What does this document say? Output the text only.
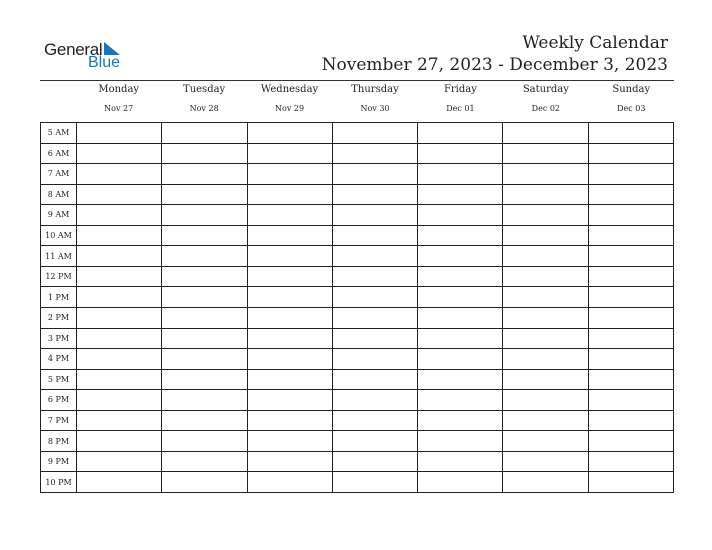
General
Blue
Weekly Calendar
November 27, 2023 - December 3, 2023
Monday
Nov 27
Tuesday
Nov 28
Wednesday
Nov 29
Thursday
Nov 30
Friday
Dec 01
Saturday
Dec 02
Sunday
Dec 03
5 AM
6 AM
7 AM
8 AM
9 AM
10 AM
11 AM
12 PM
1 PM
2 PM
3 PM
4 PM
5 PM
6 PM
7 PM
8 PM
9 PM
10 PM
